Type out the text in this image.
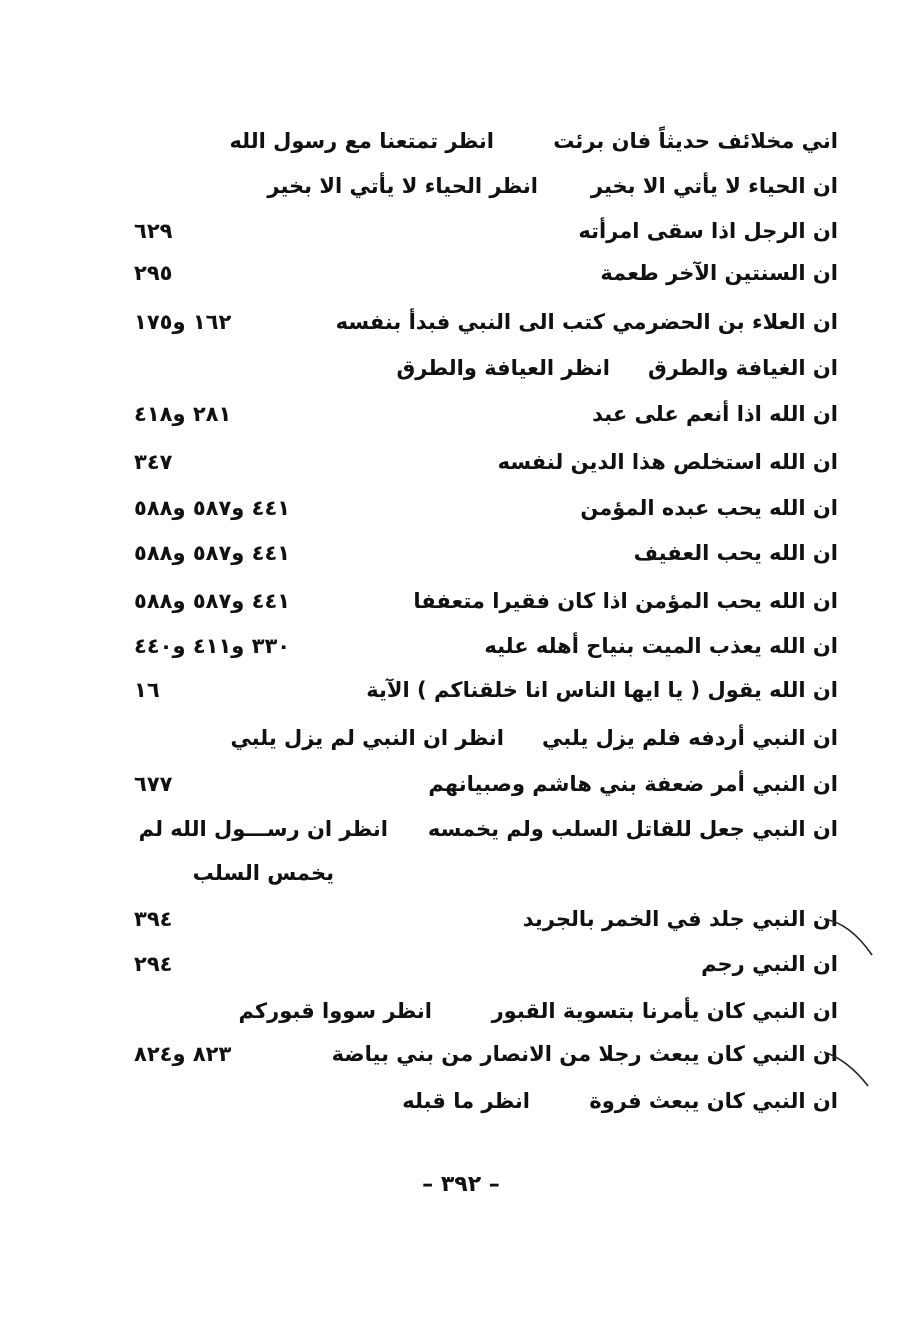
اني مخلائف حديثاً فان برئت
انظر تمتعنا مع رسول الله
ان الحياء لا يأتي الا بخير
انظر الحياء لا يأتي الا بخير
ان الرجل اذا سقى امرأته
٦٢٩
ان السنتين الآخر طعمة
٢٩٥
ان العلاء بن الحضرمي كتب الى النبي فبدأ بنفسه
١٦٢ و١٧٥
ان الغيافة والطرق
انظر العيافة والطرق
ان الله اذا أنعم على عبد
٢٨١ و٤١٨
ان الله استخلص هذا الدين لنفسه
٣٤٧
ان الله يحب عبده المؤمن
٤٤١ و٥٨٧ و٥٨٨
ان الله يحب العفيف
٤٤١ و٥٨٧ و٥٨٨
ان الله يحب المؤمن اذا كان فقيرا متعففا
٤٤١ و٥٨٧ و٥٨٨
ان الله يعذب الميت بنياح أهله عليه
٣٣٠ و٤١١ و٤٤٠
ان الله يقول ( يا ايها الناس انا خلقناكم ) الآية
١٦
ان النبي أردفه فلم يزل يلبي
انظر ان النبي لم يزل يلبي
ان النبي أمر ضعفة بني هاشم وصبيانهم
٦٧٧
ان النبي جعل للقاتل السلب ولم يخمسه
انظر ان رســـول الله لم
يخمس السلب
ان النبي جلد في الخمر بالجريد
٣٩٤
ان النبي رجم
٢٩٤
ان النبي كان يأمرنا بتسوية القبور
انظر سووا قبوركم
ان النبي كان يبعث رجلا من الانصار من بني بياضة
٨٢٣ و٨٢٤
ان النبي كان يبعث فروة
انظر ما قبله
– ٣٩٢ –
